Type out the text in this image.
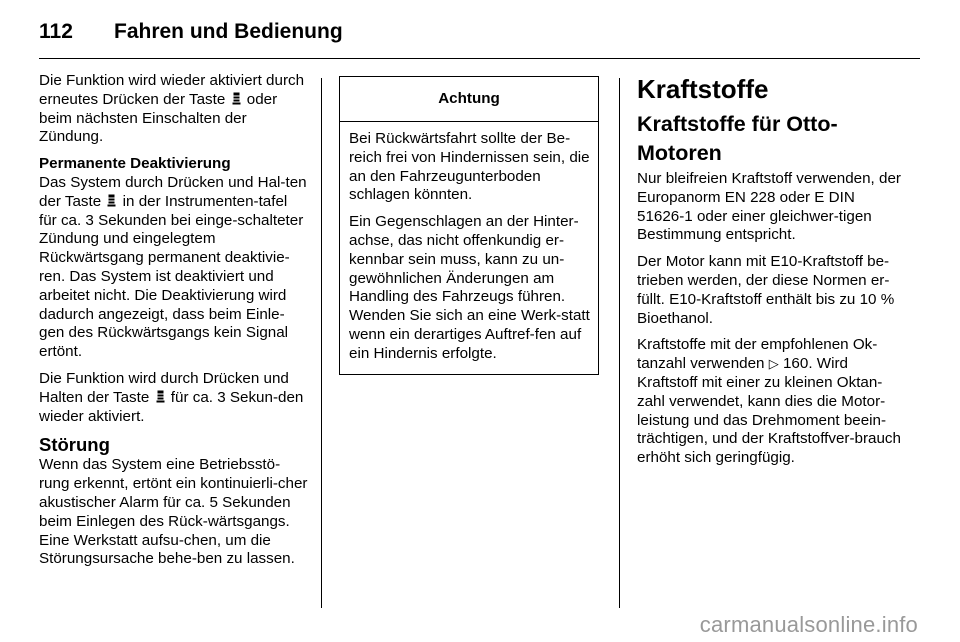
112	Fahren und Bedienung

Die Funktion wird wieder aktiviert durch erneutes Drücken der Taste oder beim nächsten Einschalten der Zündung.

Permanente Deaktivierung

Das System durch Drücken und Hal-ten der Taste in der Instrumenten-tafel für ca. 3 Sekunden bei einge-schalteter Zündung und eingelegtem Rückwärtsgang permanent deaktivie-ren. Das System ist deaktiviert und arbeitet nicht. Die Deaktivierung wird dadurch angezeigt, dass beim Einle-gen des Rückwärtsgangs kein Signal ertönt.

Die Funktion wird durch Drücken und Halten der Taste für ca. 3 Sekun-den wieder aktiviert.

Störung

Wenn das System eine Betriebsstö-rung erkennt, ertönt ein kontinuierli-cher akustischer Alarm für ca. 5 Sekunden beim Einlegen des Rück-wärtsgangs. Eine Werkstatt aufsu-chen, um die Störungsursache behe-ben zu lassen.

Achtung

Bei Rückwärtsfahrt sollte der Be-reich frei von Hindernissen sein, die an den Fahrzeugunterboden schlagen könnten.

Ein Gegenschlagen an der Hinter-achse, das nicht offenkundig er-kennbar sein muss, kann zu un-gewöhnlichen Änderungen am Handling des Fahrzeugs führen. Wenden Sie sich an eine Werk-statt wenn ein derartiges Auftref-fen auf ein Hindernis erfolgte.

Kraftstoffe
Kraftstoffe für Otto-Motoren

Nur bleifreien Kraftstoff verwenden, der Europanorm EN 228 oder E DIN 51626-1 oder einer gleichwer-tigen Bestimmung entspricht.

Der Motor kann mit E10-Kraftstoff be-trieben werden, der diese Normen er-füllt. E10-Kraftstoff enthält bis zu 10 % Bioethanol.

Kraftstoffe mit der empfohlenen Ok-tanzahl verwenden ▷ 160. Wird Kraftstoff mit einer zu kleinen Oktan-zahl verwendet, kann dies die Motor-leistung und das Drehmoment beein-trächtigen, und der Kraftstoffver-brauch erhöht sich geringfügig.

carmanualsonline.info
